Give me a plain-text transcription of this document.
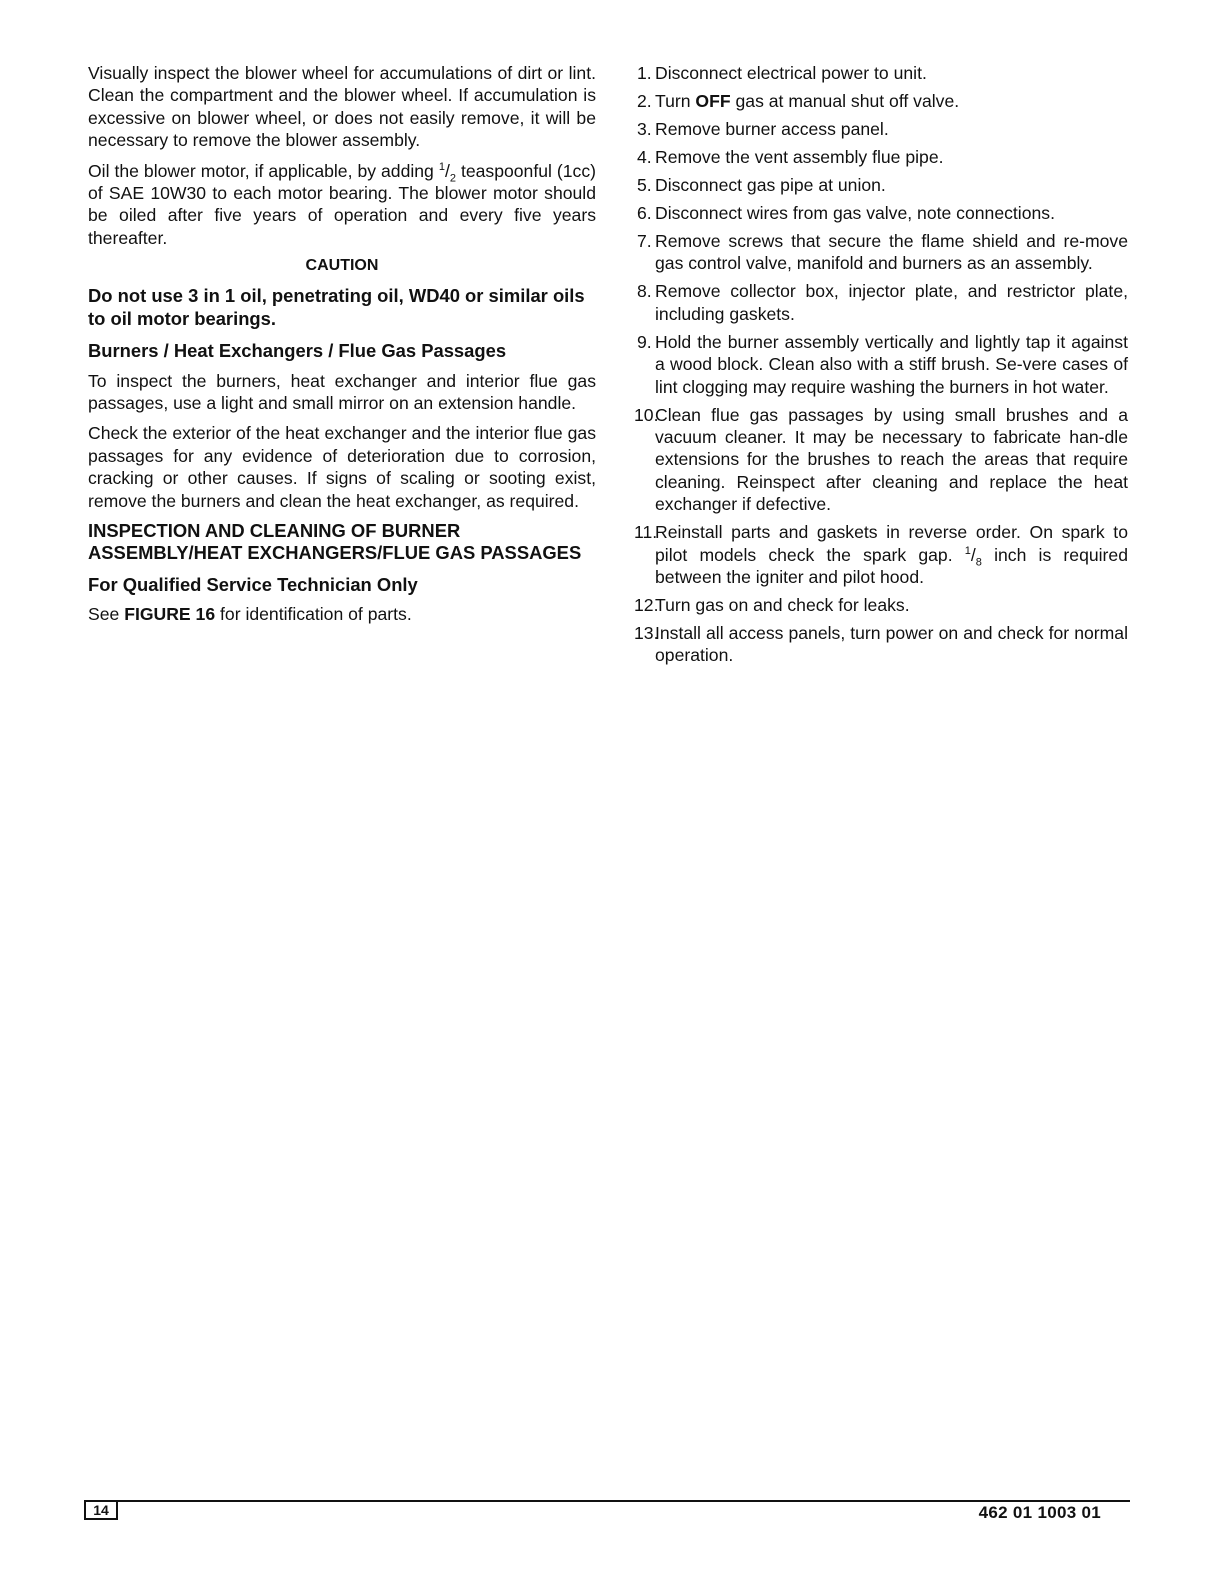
Visually inspect the blower wheel for accumulations of dirt or lint. Clean the compartment and the blower wheel. If accumulation is excessive on blower wheel, or does not easily remove, it will be necessary to remove the blower assembly.

Oil the blower motor, if applicable, by adding $^1/_2$ teaspoonful (1cc) of SAE 10W30 to each motor bearing. The blower motor should be oiled after five years of operation and every five years thereafter.

CAUTION

Do not use 3 in 1 oil, penetrating oil, WD40 or similar oils to oil motor bearings.

Burners / Heat Exchangers / Flue Gas Passages

To inspect the burners, heat exchanger and interior flue gas passages, use a light and small mirror on an extension handle.

Check the exterior of the heat exchanger and the interior flue gas passages for any evidence of deterioration due to corrosion, cracking or other causes. If signs of scaling or sooting exist, remove the burners and clean the heat exchanger, as required.

INSPECTION AND CLEANING OF BURNER ASSEMBLY/HEAT EXCHANGERS/FLUE GAS PASSAGES
For Qualified Service Technician Only

See FIGURE 16 for identification of parts.

1. Disconnect electrical power to unit.
2. Turn OFF gas at manual shut off valve.
3. Remove burner access panel.
4. Remove the vent assembly flue pipe.
5. Disconnect gas pipe at union.
6. Disconnect wires from gas valve, note connections.
7. Remove screws that secure the flame shield and re-move gas control valve, manifold and burners as an assembly.
8. Remove collector box, injector plate, and restrictor plate, including gaskets.
9. Hold the burner assembly vertically and lightly tap it against a wood block. Clean also with a stiff brush. Se-vere cases of lint clogging may require washing the burners in hot water.
10.
Clean flue gas passages by using small brushes and a vacuum cleaner. It may be necessary to fabricate han-dle extensions for the brushes to reach the areas that require cleaning. Reinspect after cleaning and replace the heat exchanger if defective.
11.
Reinstall parts and gaskets in reverse order. On spark to pilot models check the spark gap. $^1/_8$ inch is required between the igniter and pilot hood.
12.
Turn gas on and check for leaks.
13.
Install all access panels, turn power on and check for normal operation.
14	462 01 1003 01
